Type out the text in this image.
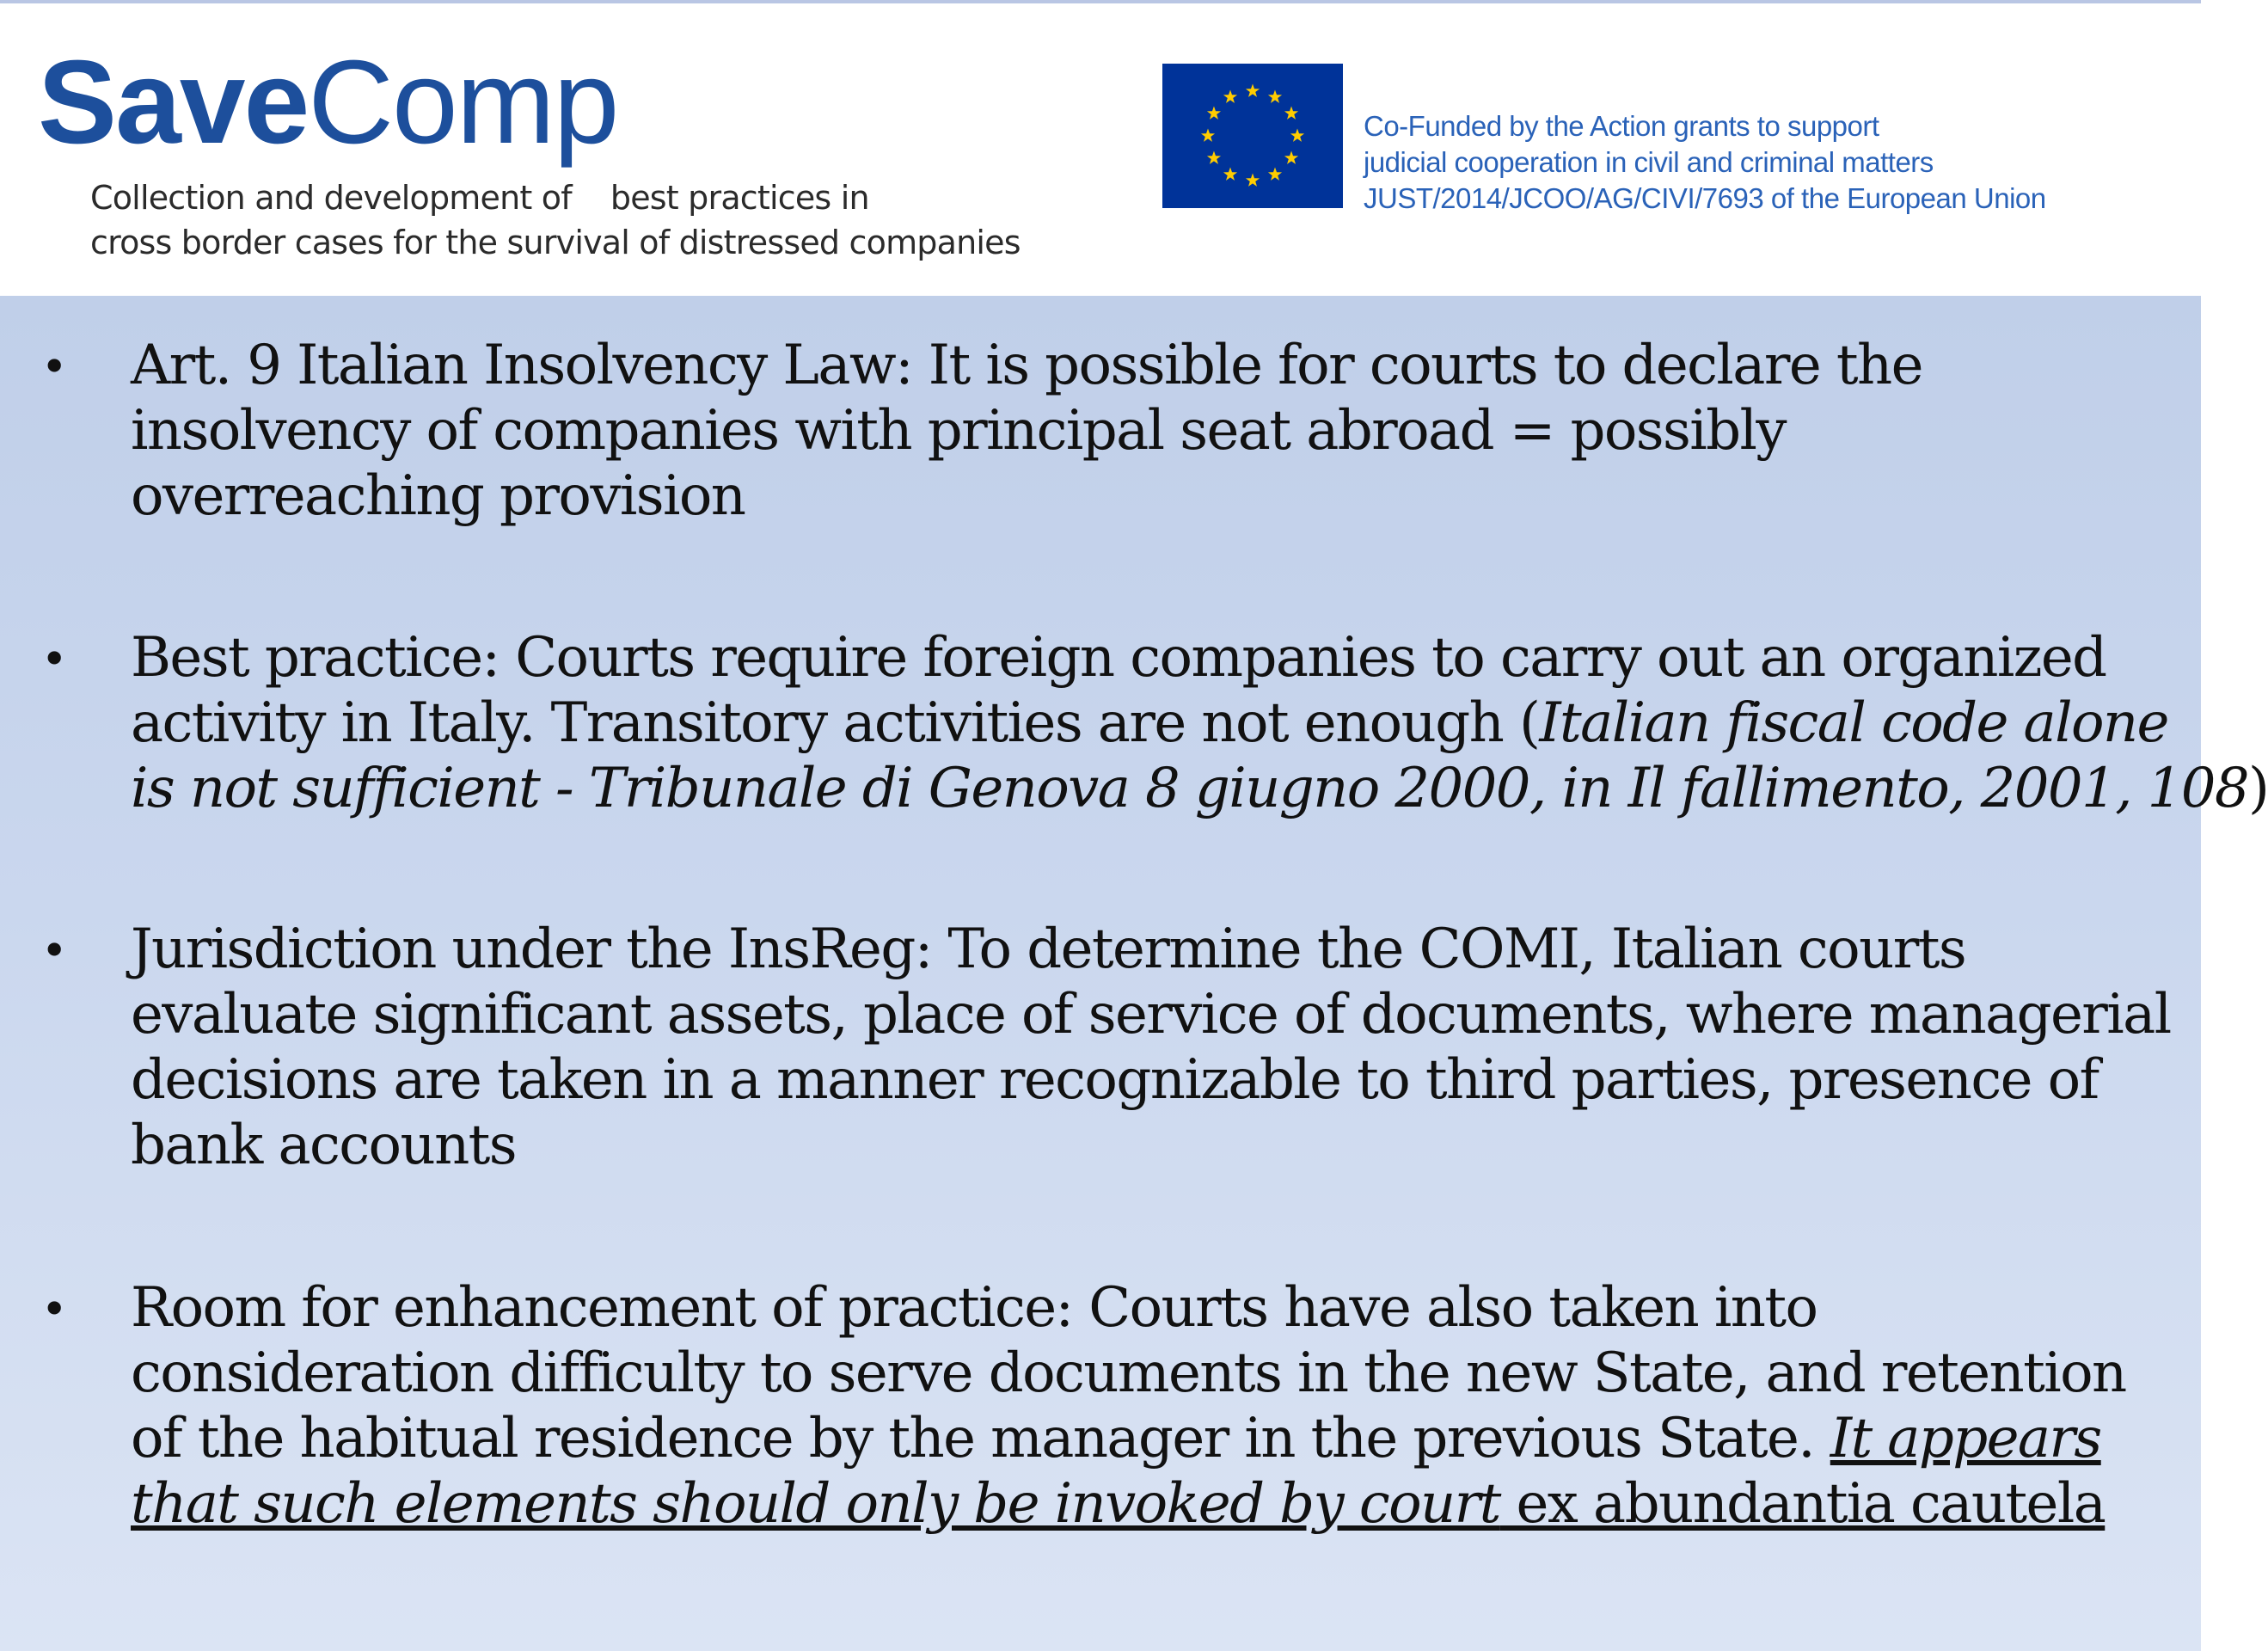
SaveComp
Collection and development of    best practices in
cross border cases for the survival of distressed companies
Co-Funded by the Action grants to support
judicial cooperation in civil and criminal matters
JUST/2014/JCOO/AG/CIVI/7693 of the European Union
• Art. 9 Italian Insolvency Law: It is possible for courts to declare the
insolvency of companies with principal seat abroad = possibly
overreaching provision
• Best practice: Courts require foreign companies to carry out an organized
activity in Italy. Transitory activities are not enough (Italian fiscal code alone
is not sufficient - Tribunale di Genova 8 giugno 2000, in Il fallimento, 2001, 108)
• Jurisdiction under the InsReg: To determine the COMI, Italian courts
evaluate significant assets, place of service of documents, where managerial
decisions are taken in a manner recognizable to third parties, presence of
bank accounts
• Room for enhancement of practice: Courts have also taken into
consideration difficulty to serve documents in the new State, and retention
of the habitual residence by the manager in the previous State. It appears
that such elements should only be invoked by court ex abundantia cautela
